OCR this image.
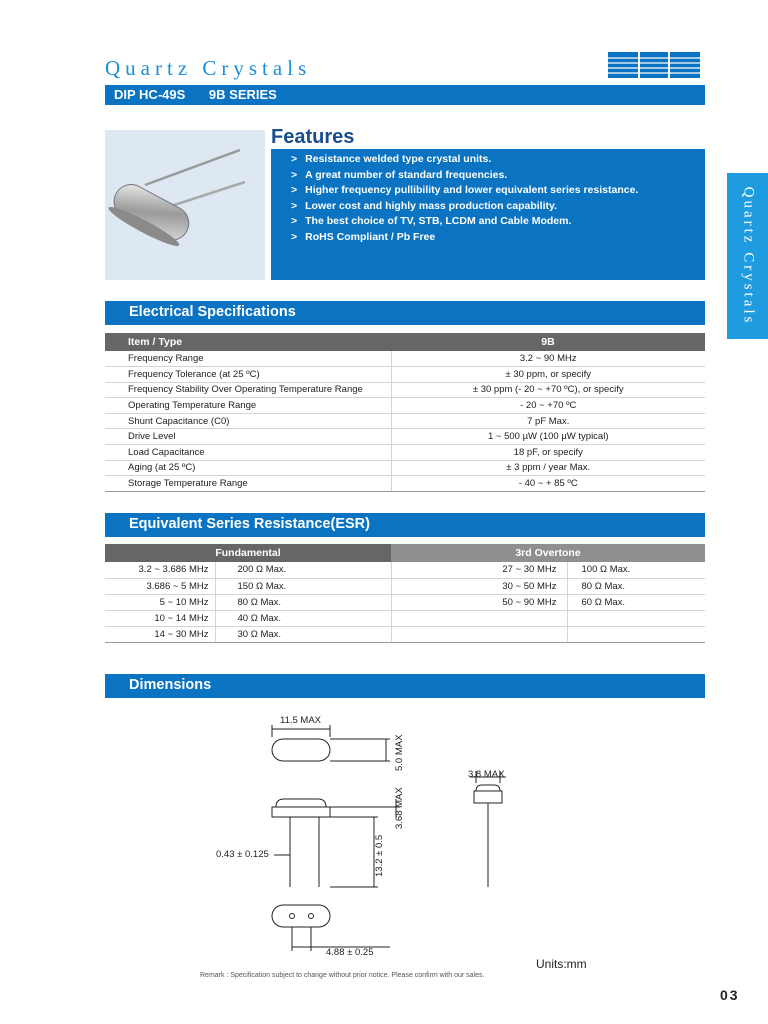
Quartz Crystals
DIP HC-49S 9B SERIES
Features
> Resistance welded type crystal units.
> A great number of standard frequencies.
> Higher frequency pullibility and lower equivalent series resistance.
> Lower cost and highly mass production capability.
> The best choice of TV, STB, LCDM and Cable Modem.
> RoHS Compliant / Pb Free	Quartz Crystals
Electrical Specifications
Item / Type	9B
Frequency Range	3.2 ~ 90 MHz
Frequency Tolerance (at 25 ºC)	± 30 ppm, or specify
Frequency Stability Over Operating Temperature Range	± 30 ppm (- 20 ~ +70 ºC), or specify
Operating Temperature Range	- 20 ~ +70 ºC
Shunt Capacitance (C0)	7 pF Max.
Drive Level	1 ~ 500 µW (100 µW typical)
Load Capacitance	18 pF, or specify
Aging (at 25 ºC)	± 3 ppm / year Max.
Storage Temperature Range	- 40 ~ + 85 ºC
Equivalent Series Resistance(ESR)
Fundamental		3rd Overtone	
3.2 ~ 3.686 MHz	200 Ω Max.	27 ~ 30 MHz	100 Ω Max.
3.686 ~ 5 MHz	150 Ω Max.	30 ~ 50 MHz	80 Ω Max.
5 ~ 10 MHz	80 Ω Max.	50 ~ 90 MHz	60 Ω Max.
10 ~ 14 MHz	40 Ω Max.		
14 ~ 30 MHz	30 Ω Max.		
Dimensions
11.5 MAX
5.0 MAX
3.8 MAX
3.68 MAX
13.2 ± 0.5
0.43 ± 0.125
4.88 ± 0.25
Units:mm
Remark : Specification subject to change without prior notice. Please confirm with our sales.
03
